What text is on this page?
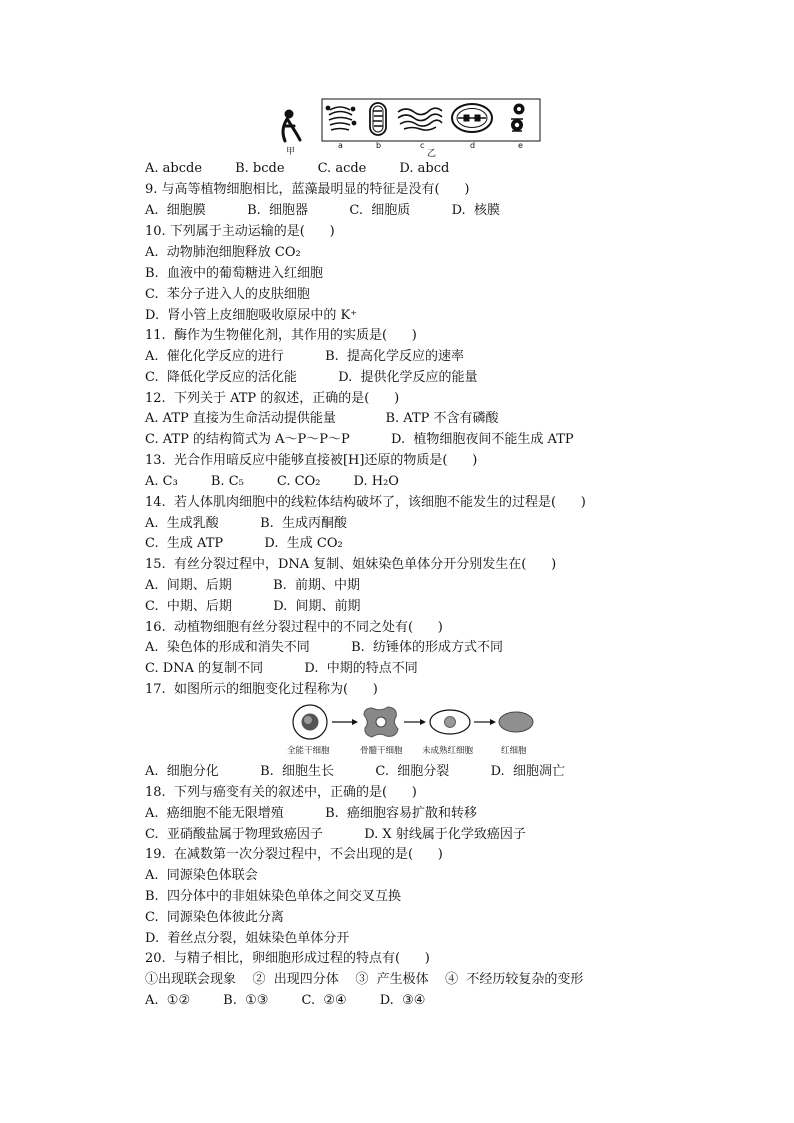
甲
a	b	c	d	e
乙
A. abcde        B. bcde        C. acde        D. abcd
9. 与高等植物细胞相比，蓝藻最明显的特征是没有(      )
A.  细胞膜          B.  细胞器          C.  细胞质          D.  核膜
10. 下列属于主动运输的是(      )
A.  动物肺泡细胞释放 CO₂
B.  血液中的葡萄糖进入红细胞
C.  苯分子进入人的皮肤细胞
D.  肾小管上皮细胞吸收原尿中的 K⁺
11.  酶作为生物催化剂，其作用的实质是(      )
A.  催化化学反应的进行          B.  提高化学反应的速率
C.  降低化学反应的活化能          D.  提供化学反应的能量
12.  下列关于 ATP 的叙述，正确的是(      )
A. ATP 直接为生命活动提供能量            B. ATP 不含有磷酸
C. ATP 的结构简式为 A～P～P～P          D.  植物细胞夜间不能生成 ATP
13.  光合作用暗反应中能够直接被[H]还原的物质是(      )
A. C₃        B. C₅        C. CO₂        D. H₂O
14.  若人体肌肉细胞中的线粒体结构破坏了，该细胞不能发生的过程是(      )
A.  生成乳酸          B.  生成丙酮酸
C.  生成 ATP          D.  生成 CO₂
15.  有丝分裂过程中，DNA 复制、姐妹染色单体分开分别发生在(      )
A.  间期、后期          B.  前期、中期
C.  中期、后期          D.  间期、前期
16.  动植物细胞有丝分裂过程中的不同之处有(      )
A.  染色体的形成和消失不同          B.  纺锤体的形成方式不同
C. DNA 的复制不同          D.  中期的特点不同
17.  如图所示的细胞变化过程称为(      )
全能干细胞	骨髓干细胞 未成熟红细胞	红细胞
A.  细胞分化          B.  细胞生长          C.  细胞分裂          D.  细胞凋亡
18.  下列与癌变有关的叙述中，正确的是(      )
A.  癌细胞不能无限增殖          B.  癌细胞容易扩散和转移
C.  亚硝酸盐属于物理致癌因子          D. X 射线属于化学致癌因子
19.  在减数第一次分裂过程中，不会出现的是(      )
A.  同源染色体联会
B.  四分体中的非姐妹染色单体之间交叉互换
C.  同源染色体彼此分离
D.  着丝点分裂，姐妹染色单体分开
20.  与精子相比，卵细胞形成过程的特点有(      )
①出现联会现象    ②  出现四分体    ③  产生极体    ④  不经历较复杂的变形
A.  ①②        B.  ①③        C.  ②④        D.  ③④
